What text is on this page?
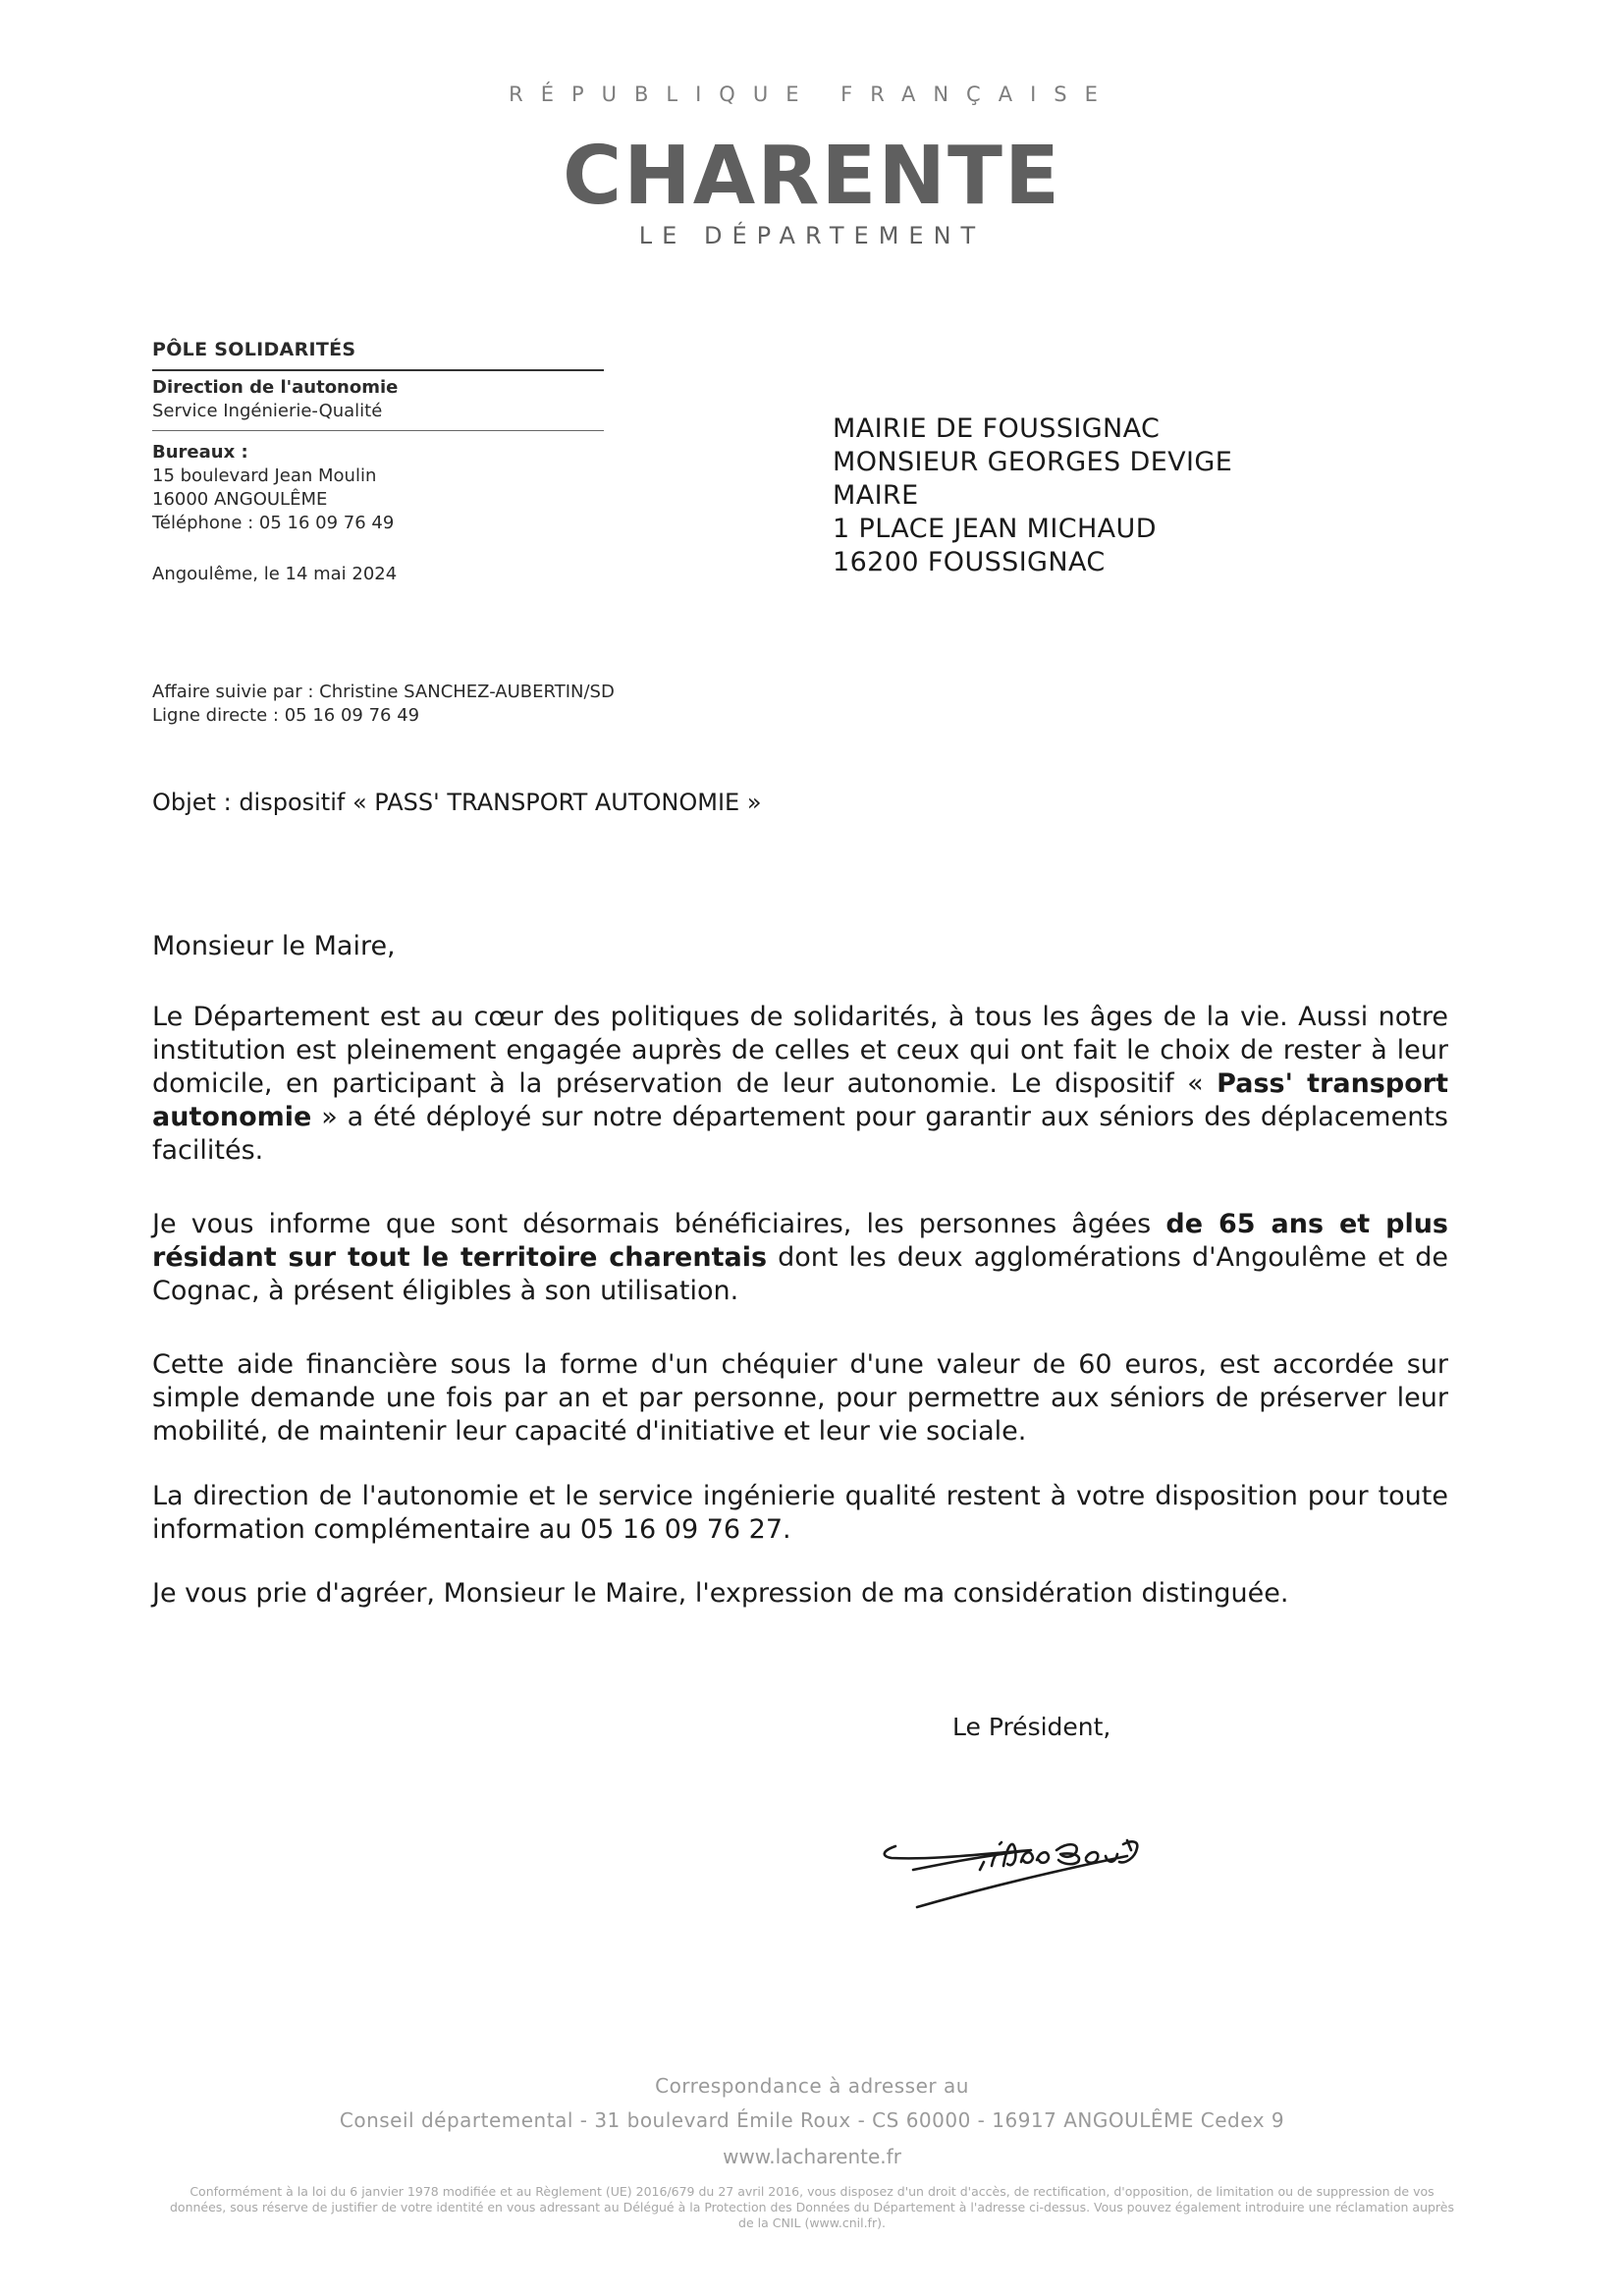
RÉPUBLIQUE FRANÇAISE
CHARENTE
LE DÉPARTEMENT
PÔLE SOLIDARITÉS
Direction de l'autonomie
Service Ingénierie-Qualité
Bureaux :
15 boulevard Jean Moulin
16000 ANGOULÊME
Téléphone : 05 16 09 76 49
Angoulême, le 14 mai 2024
MAIRIE DE FOUSSIGNAC
MONSIEUR GEORGES DEVIGE
MAIRE
1 PLACE JEAN MICHAUD
16200 FOUSSIGNAC
Affaire suivie par : Christine SANCHEZ-AUBERTIN/SD
Ligne directe : 05 16 09 76 49
Objet : dispositif « PASS' TRANSPORT AUTONOMIE »
Monsieur le Maire,
Le Département est au cœur des politiques de solidarités, à tous les âges de la vie. Aussi notre institution est pleinement engagée auprès de celles et ceux qui ont fait le choix de rester à leur domicile, en participant à la préservation de leur autonomie. Le dispositif « Pass' transport autonomie » a été déployé sur notre département pour garantir aux séniors des déplacements facilités.
Je vous informe que sont désormais bénéficiaires, les personnes âgées de 65 ans et plus résidant sur tout le territoire charentais dont les deux agglomérations d'Angoulême et de Cognac, à présent éligibles à son utilisation.
Cette aide financière sous la forme d'un chéquier d'une valeur de 60 euros, est accordée sur simple demande une fois par an et par personne, pour permettre aux séniors de préserver leur mobilité, de maintenir leur capacité d'initiative et leur vie sociale.
La direction de l'autonomie et le service ingénierie qualité restent à votre disposition pour toute information complémentaire au 05 16 09 76 27.
Je vous prie d'agréer, Monsieur le Maire, l'expression de ma considération distinguée.
Le Président,
Correspondance à adresser au
Conseil départemental - 31 boulevard Émile Roux - CS 60000 - 16917 ANGOULÊME Cedex 9
www.lacharente.fr
Conformément à la loi du 6 janvier 1978 modifiée et au Règlement (UE) 2016/679 du 27 avril 2016, vous disposez d'un droit d'accès, de rectification, d'opposition, de limitation ou de suppression de vos données, sous réserve de justifier de votre identité en vous adressant au Délégué à la Protection des Données du Département à l'adresse ci-dessus. Vous pouvez également introduire une réclamation auprès de la CNIL (www.cnil.fr).
